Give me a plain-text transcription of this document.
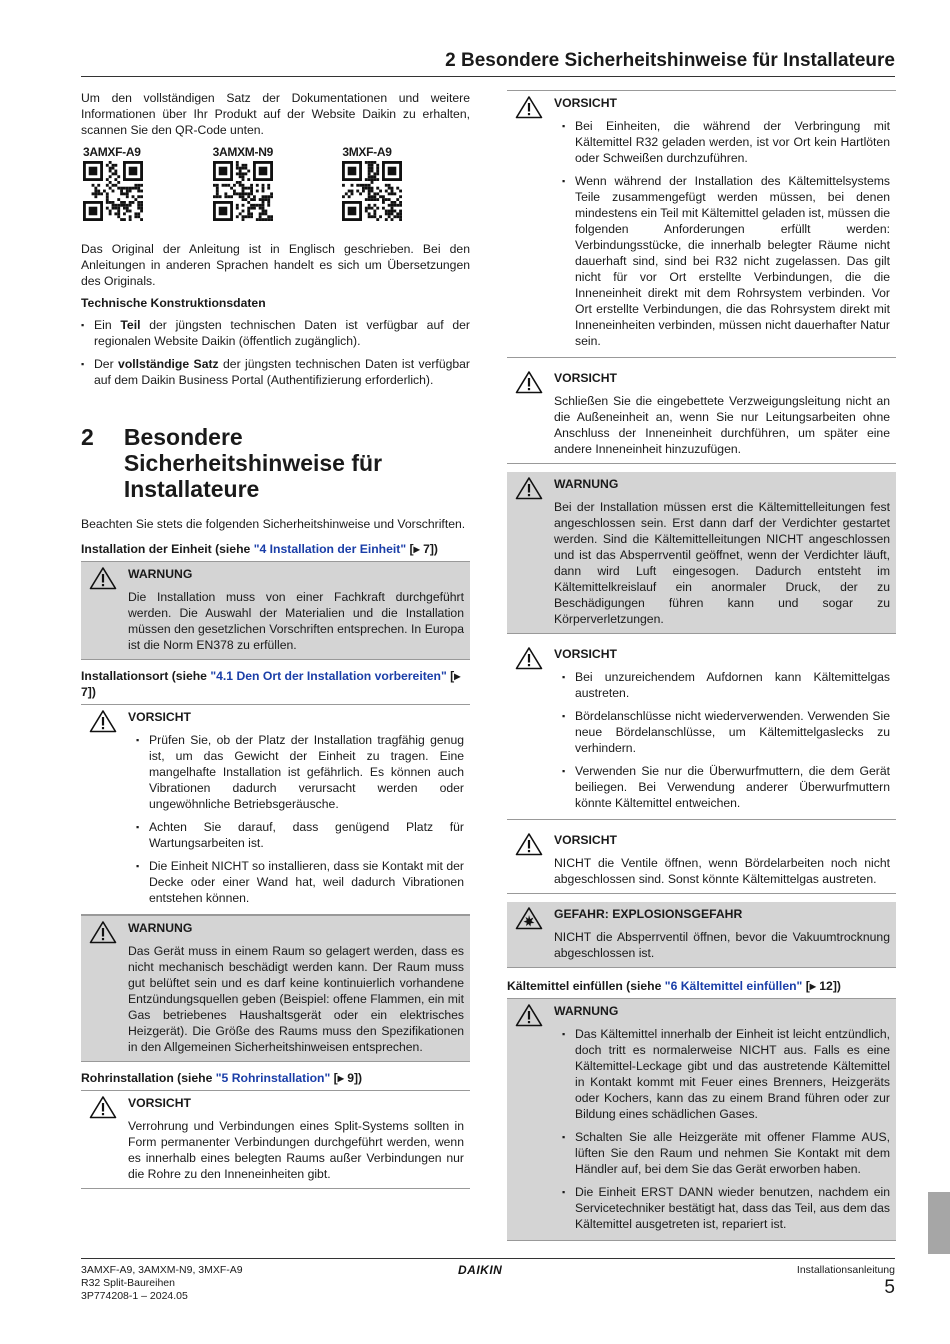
2 Besondere Sicherheitshinweise für Installateure

Um den vollständigen Satz der Dokumentationen und weitere Informationen über Ihr Produkt auf der Website Daikin zu erhalten, scannen Sie den QR-Code unten.

3AMXF-A9	3AMXM-N9	3MXF-A9

Das Original der Anleitung ist in Englisch geschrieben. Bei den Anleitungen in anderen Sprachen handelt es sich um Übersetzungen des Originals.

Technische Konstruktionsdaten
▪ Ein Teil der jüngsten technischen Daten ist verfügbar auf der regionalen Website Daikin (öffentlich zugänglich).
▪ Der vollständige Satz der jüngsten technischen Daten ist verfügbar auf dem Daikin Business Portal (Authentifizierung erforderlich).
2	Besondere Sicherheitshinweise für Installateure

Beachten Sie stets die folgenden Sicherheitshinweise und Vorschriften.

Installation der Einheit (siehe "4 Installation der Einheit" [▸ 7])
WARNUNG

Die Installation muss von einer Fachkraft durchgeführt werden. Die Auswahl der Materialien und die Installation müssen den gesetzlichen Vorschriften entsprechen. In Europa ist die Norm EN378 zu erfüllen.

Installationsort (siehe "4.1 Den Ort der Installation vorbereiten" [▸ 7])
VORSICHT
▪ Prüfen Sie, ob der Platz der Installation tragfähig genug ist, um das Gewicht der Einheit zu tragen. Eine mangelhafte Installation ist gefährlich. Es können auch Vibrationen dadurch verursacht werden oder ungewöhnliche Betriebsgeräusche.
▪ Achten Sie darauf, dass genügend Platz für Wartungsarbeiten ist.
▪ Die Einheit NICHT so installieren, dass sie Kontakt mit der Decke oder einer Wand hat, weil dadurch Vibrationen entstehen können.
WARNUNG

Das Gerät muss in einem Raum so gelagert werden, dass es nicht mechanisch beschädigt werden kann. Der Raum muss gut belüftet sein und es darf keine kontinuierlich vorhandene Entzündungsquellen geben (Beispiel: offene Flammen, ein mit Gas betriebenes Haushaltsgerät oder ein elektrisches Heizgerät). Die Größe des Raums muss den Spezifikationen in den Allgemeinen Sicherheitshinweisen entsprechen.

Rohrinstallation (siehe "5 Rohrinstallation" [▸ 9])
VORSICHT

Verrohrung und Verbindungen eines Split-Systems sollten in Form permanenter Verbindungen durchgeführt werden, wenn es innerhalb eines belegten Raums außer Verbindungen nur die Rohre zu den Inneneinheiten gibt.

VORSICHT
▪ Bei Einheiten, die während der Verbringung mit Kältemittel R32 geladen werden, ist vor Ort kein Hartlöten oder Schweißen durchzuführen.
▪ Wenn während der Installation des Kältemittelsystems Teile zusammengefügt werden müssen, bei denen mindestens ein Teil mit Kältemittel geladen ist, müssen die folgenden Anforderungen erfüllt werden: Verbindungsstücke, die innerhalb belegter Räume nicht dauerhaft sind, sind bei R32 nicht zugelassen. Das gilt nicht für vor Ort erstellte Verbindungen, die die Inneneinheit direkt mit dem Rohrsystem verbinden. Vor Ort erstellte Verbindungen, die das Rohrsystem direkt mit Inneneinheiten verbinden, müssen nicht dauerhafter Natur sein.
VORSICHT

Schließen Sie die eingebettete Verzweigungsleitung nicht an die Außeneinheit an, wenn Sie nur Leitungsarbeiten ohne Anschluss der Inneneinheit durchführen, um später eine andere Inneneinheit hinzuzufügen.

WARNUNG

Bei der Installation müssen erst die Kältemittelleitungen fest angeschlossen sein. Erst dann darf der Verdichter gestartet werden. Sind die Kältemittelleitungen NICHT angeschlossen und ist das Absperrventil geöffnet, wenn der Verdichter läuft, dann wird Luft eingesogen. Dadurch entsteht im Kältemittelkreislauf ein anormaler Druck, der zu Beschädigungen führen kann und sogar zu Körperverletzungen.

VORSICHT
▪ Bei unzureichendem Aufdornen kann Kältemittelgas austreten.
▪ Bördelanschlüsse nicht wiederverwenden. Verwenden Sie neue Bördelanschlüsse, um Kältemittelgaslecks zu verhindern.
▪ Verwenden Sie nur die Überwurfmuttern, die dem Gerät beiliegen. Bei Verwendung anderer Überwurfmuttern könnte Kältemittel entweichen.
VORSICHT

NICHT die Ventile öffnen, wenn Bördelarbeiten noch nicht abgeschlossen sind. Sonst könnte Kältemittelgas austreten.

GEFAHR: EXPLOSIONSGEFAHR

NICHT die Absperrventil öffnen, bevor die Vakuumtrocknung abgeschlossen ist.

Kältemittel einfüllen (siehe "6 Kältemittel einfüllen" [▸ 12])
WARNUNG
▪ Das Kältemittel innerhalb der Einheit ist leicht entzündlich, doch tritt es normalerweise NICHT aus. Falls es eine Kältemittel-Leckage gibt und das austretende Kältemittel in Kontakt kommt mit Feuer eines Brenners, Heizgeräts oder Kochers, kann das zu einem Brand führen oder zur Bildung eines schädlichen Gases.
▪ Schalten Sie alle Heizgeräte mit offener Flamme AUS, lüften Sie den Raum und nehmen Sie Kontakt mit dem Händler auf, bei dem Sie das Gerät erworben haben.
▪ Die Einheit ERST DANN wieder benutzen, nachdem ein Servicetechniker bestätigt hat, dass das Teil, aus dem das Kältemittel ausgetreten ist, repariert ist.
3AMXF-A9, 3AMXM-N9, 3MXF-A9
R32 Split-Baureihen
3P774208-1 – 2024.05
DAIKIN	Installationsanleitung
5
